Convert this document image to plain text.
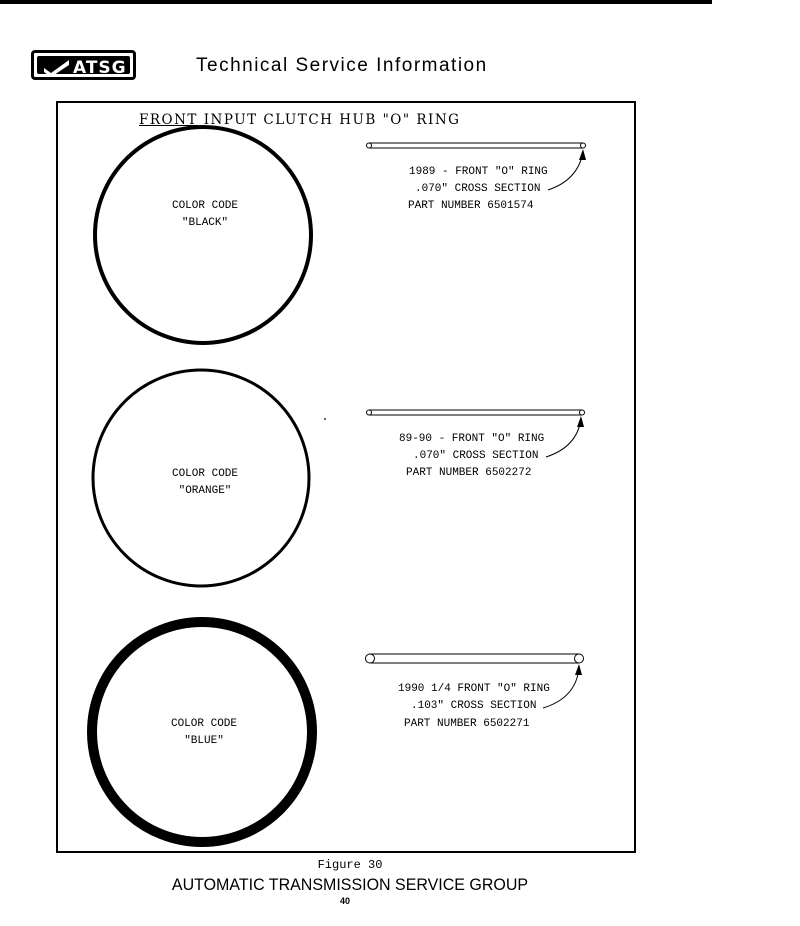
ATSG	Technical Service Information
FRONT INPUT CLUTCH HUB "O" RING
COLOR CODE
"BLACK"
1989 - FRONT "O" RING
.070" CROSS SECTION
PART NUMBER 6501574
COLOR CODE
"ORANGE"
89-90 - FRONT "O" RING
.070" CROSS SECTION
PART NUMBER 6502272
COLOR CODE
"BLUE"
1990 1/4 FRONT "O" RING
.103" CROSS SECTION
PART NUMBER 6502271
Figure 30
AUTOMATIC TRANSMISSION SERVICE GROUP
40
